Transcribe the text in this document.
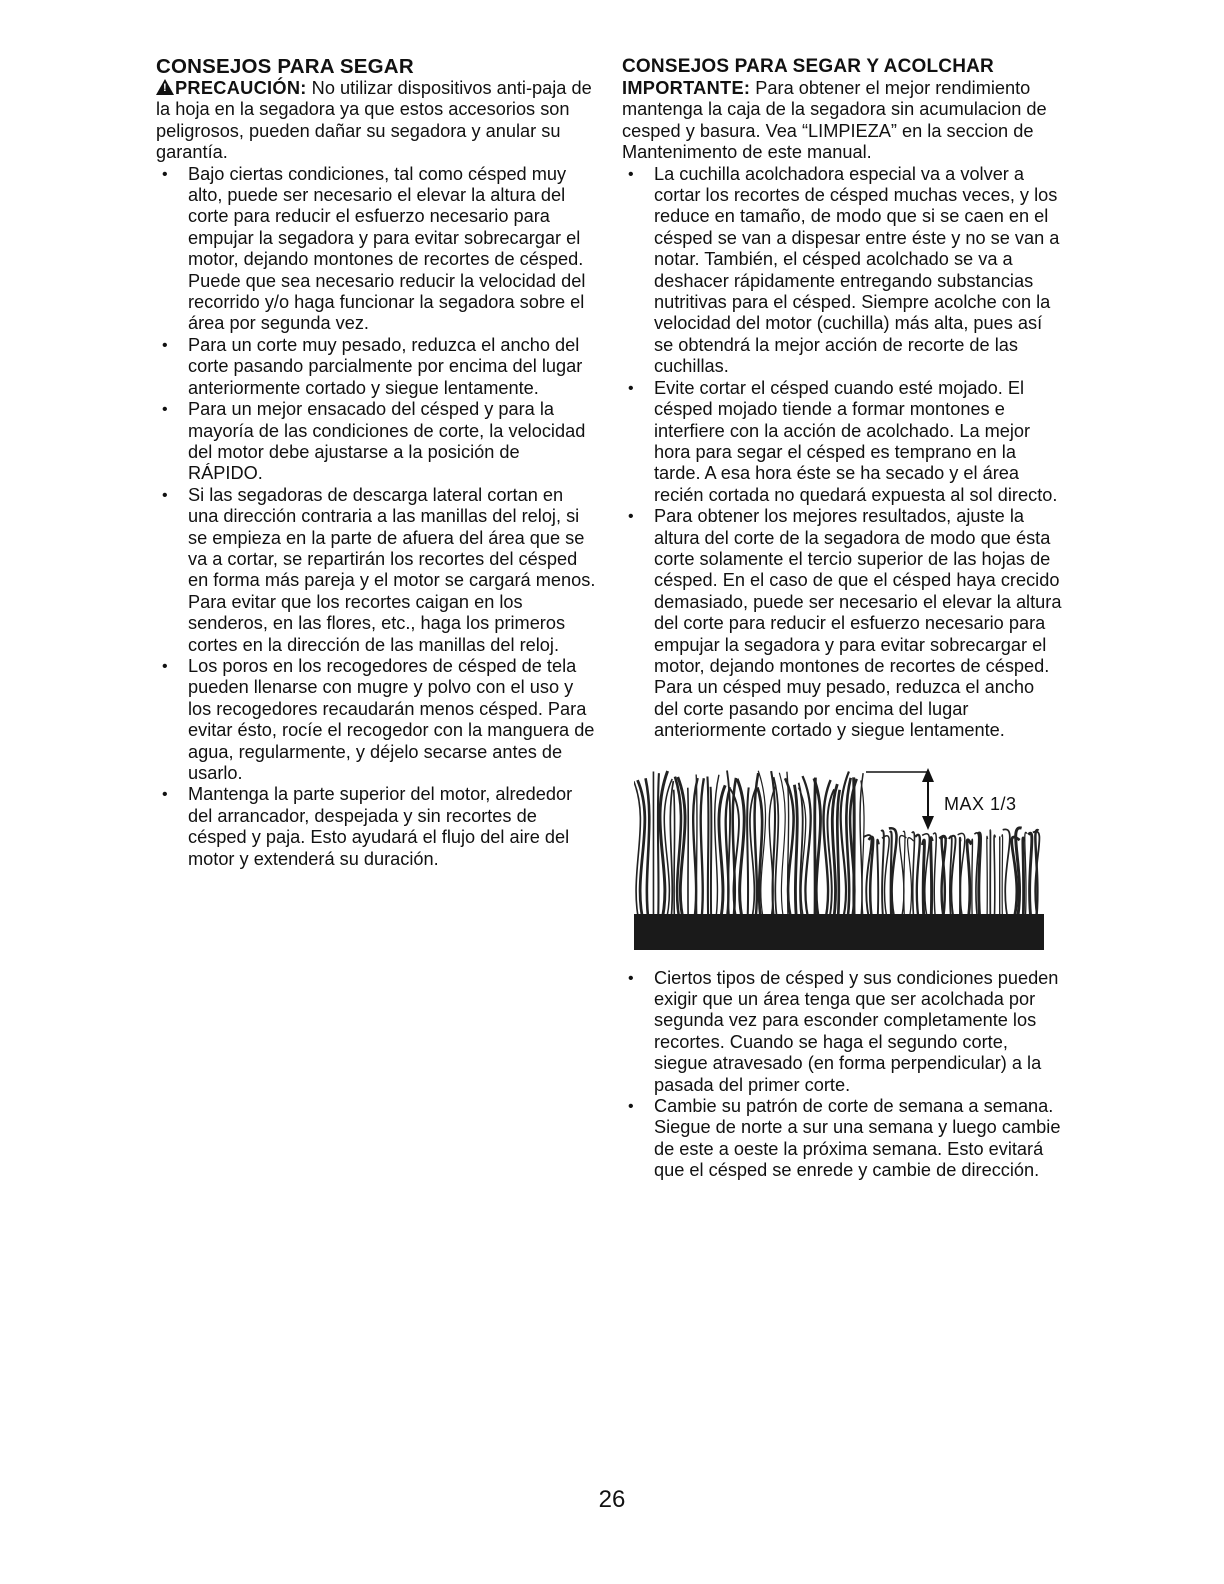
CONSEJOS PARA SEGAR

! PRECAUCIÓN: No utilizar dispositivos anti-paja de la hoja en la segadora ya que estos accesorios son peligrosos, pueden dañar su segadora y anular su garantía.

• Bajo ciertas condiciones, tal como césped muy alto, puede ser necesario el elevar la altura del corte para reducir el esfuerzo necesario para empujar la segadora y para evitar sobrecargar el motor, dejando montones de recortes de césped. Puede que sea necesario reducir la velocidad del recorrido y/o haga funcionar la segadora sobre el área por segunda vez.
• Para un corte muy pesado, reduzca el ancho del corte pasando parcialmente por encima del lugar anteriormente cortado y siegue lentamente.
• Para un mejor ensacado del césped y para la mayoría de las condiciones de corte, la velocidad del motor debe ajustarse a la posición de RÁPIDO.
• Si las segadoras de descarga lateral cortan en una dirección contraria a las manillas del reloj, si se empieza en la parte de afuera del área que se va a cortar, se repartirán los recortes del césped en forma más pareja y el motor se cargará menos. Para evitar que los recortes caigan en los senderos, en las flores, etc., haga los primeros cortes en la dirección de las manillas del reloj.
• Los poros en los recogedores de césped de tela pueden llenarse con mugre y polvo con el uso y los recogedores recaudarán menos césped. Para evitar ésto, rocíe el recogedor con la manguera de agua, regularmente, y déjelo secarse antes de usarlo.
• Mantenga la parte superior del motor, alrededor del arrancador, despejada y sin recortes de césped y paja. Esto ayudará el flujo del aire del motor y extenderá su duración.
CONSEJOS PARA SEGAR Y ACOLCHAR

IMPORTANTE: Para obtener el mejor rendimiento mantenga la caja de la segadora sin acumulacion de cesped y basura. Vea “LIMPIEZA” en la seccion de Mantenimento de este manual.

• La cuchilla acolchadora especial va a volver a cortar los recortes de césped muchas veces, y los reduce en tamaño, de modo que si se caen en el césped se van a dispesar entre éste y no se van a notar. También, el césped acolchado se va a deshacer rápidamente entregando substancias nutritivas para el césped. Siempre acolche con la velocidad del motor (cuchilla) más alta, pues así se obtendrá la mejor acción de recorte de las cuchillas.
• Evite cortar el césped cuando esté mojado. El césped mojado tiende a formar montones e interfiere con la acción de acolchado. La mejor hora para segar el césped es temprano en la tarde. A esa hora éste se ha secado y el área recién cortada no quedará expuesta al sol directo.
• Para obtener los mejores resultados, ajuste la altura del corte de la segadora de modo que ésta corte solamente el tercio superior de las hojas de césped. En el caso de que el césped haya crecido demasiado, puede ser necesario el elevar la altura del corte para reducir el esfuerzo necesario para empujar la segadora y para evitar sobrecargar el motor, dejando montones de recortes de césped. Para un césped muy pesado, reduzca el ancho del corte pasando por encima del lugar anteriormente cortado y siegue lentamente.
MAX 1/3
• Ciertos tipos de césped y sus condiciones pueden exigir que un área tenga que ser acolchada por segunda vez para esconder completamente los recortes. Cuando se haga el segundo corte, siegue atravesado (en forma perpendicular) a la pasada del primer corte.
• Cambie su patrón de corte de semana a semana. Siegue de norte a sur una semana y luego cambie de este a oeste la próxima semana. Esto evitará que el césped se enrede y cambie de dirección.
26
